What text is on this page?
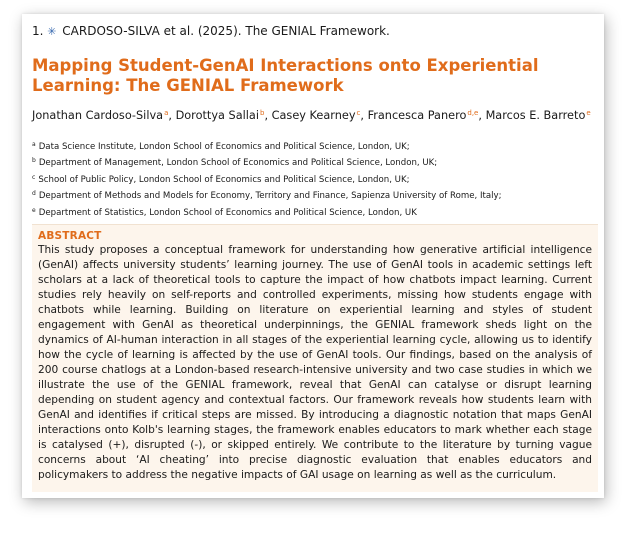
1. ✳ CARDOSO-SILVA et al. (2025). The GENIAL Framework.
Mapping Student-GenAI Interactions onto Experiential Learning: The GENIAL Framework
Jonathan Cardoso-Silva$^a$, Dorottya Sallai$^b$, Casey Kearney$^c$, Francesca Panero$^{d,e}$, Marcos E. Barreto$^e$
$^a$ Data Science Institute, London School of Economics and Political Science, London, UK;
$^b$ Department of Management, London School of Economics and Political Science, London, UK;
$^c$ School of Public Policy, London School of Economics and Political Science, London, UK;
$^d$ Department of Methods and Models for Economy, Territory and Finance, Sapienza University of Rome, Italy;
$^e$ Department of Statistics, London School of Economics and Political Science, London, UK
ABSTRACT

This study proposes a conceptual framework for understanding how generative artificial intelligence (GenAI) affects university students’ learning journey. The use of GenAI tools in academic settings left scholars at a lack of theoretical tools to capture the impact of how chatbots impact learning. Current studies rely heavily on self-reports and controlled experiments, missing how students engage with chatbots while learning. Building on literature on experiential learning and styles of student engagement with GenAI as theoretical underpinnings, the GENIAL framework sheds light on the dynamics of AI-human interaction in all stages of the experiential learning cycle, allowing us to identify how the cycle of learning is affected by the use of GenAI tools. Our findings, based on the analysis of 200 course chatlogs at a London-based research-intensive university and two case studies in which we illustrate the use of the GENIAL framework, reveal that GenAI can catalyse or disrupt learning depending on student agency and contextual factors. Our framework reveals how students learn with GenAI and identifies if critical steps are missed. By introducing a diagnostic notation that maps GenAI interactions onto Kolb's learning stages, the framework enables educators to mark whether each stage is catalysed (+), disrupted (-), or skipped entirely. We contribute to the literature by turning vague concerns about ‘AI cheating’ into precise diagnostic evaluation that enables educators and policymakers to address the negative impacts of GAI usage on learning as well as the curriculum.
